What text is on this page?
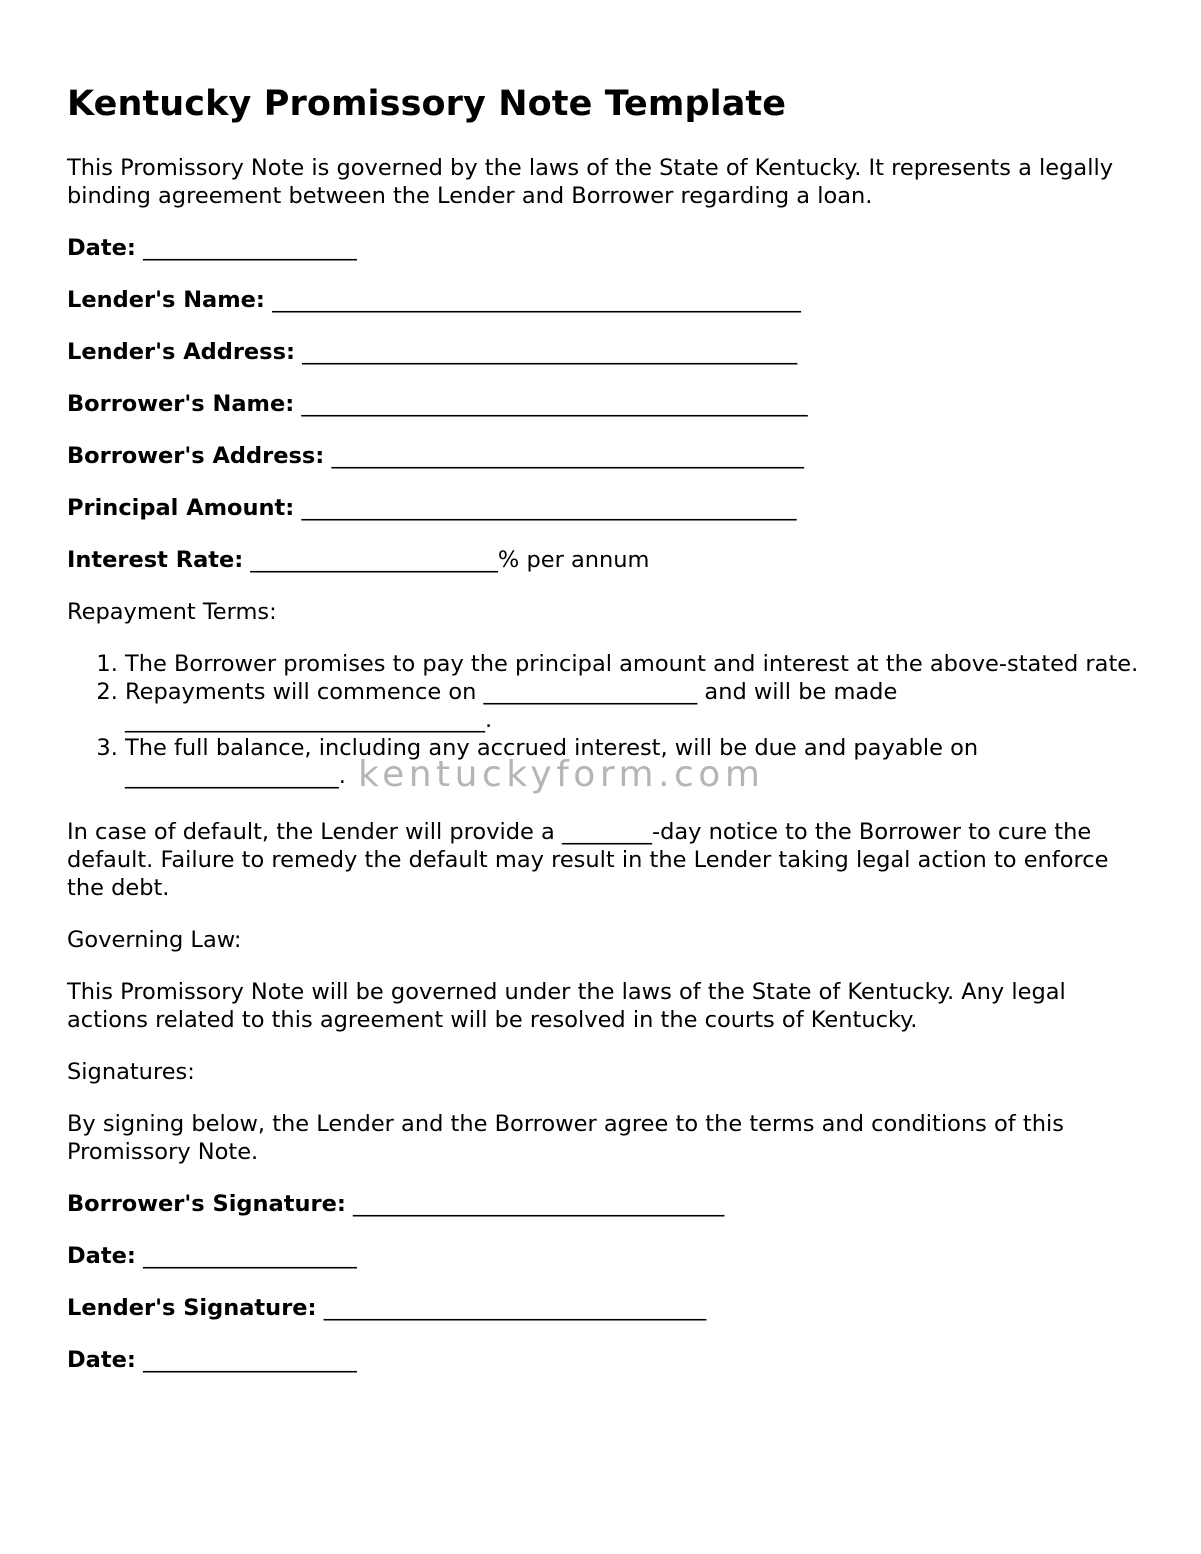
Kentucky Promissory Note Template

This Promissory Note is governed by the laws of the State of Kentucky. It represents a legally binding agreement between the Lender and Borrower regarding a loan.

Date: ___________________

Lender's Name: _______________________________________________

Lender's Address: ____________________________________________

Borrower's Name: _____________________________________________

Borrower's Address: __________________________________________

Principal Amount: ____________________________________________

Interest Rate: ______________________% per annum

Repayment Terms:

1. The Borrower promises to pay the principal amount and interest at the above-stated rate.
2. Repayments will commence on ___________________ and will be made ________________________________.
3. The full balance, including any accrued interest, will be due and payable on ___________________.

In case of default, the Lender will provide a ________-day notice to the Borrower to cure the default. Failure to remedy the default may result in the Lender taking legal action to enforce the debt.

Governing Law:

This Promissory Note will be governed under the laws of the State of Kentucky. Any legal actions related to this agreement will be resolved in the courts of Kentucky.

Signatures:

By signing below, the Lender and the Borrower agree to the terms and conditions of this Promissory Note.

Borrower's Signature: _________________________________

Date: ___________________

Lender's Signature: __________________________________

Date: ___________________

kentuckyform.com
